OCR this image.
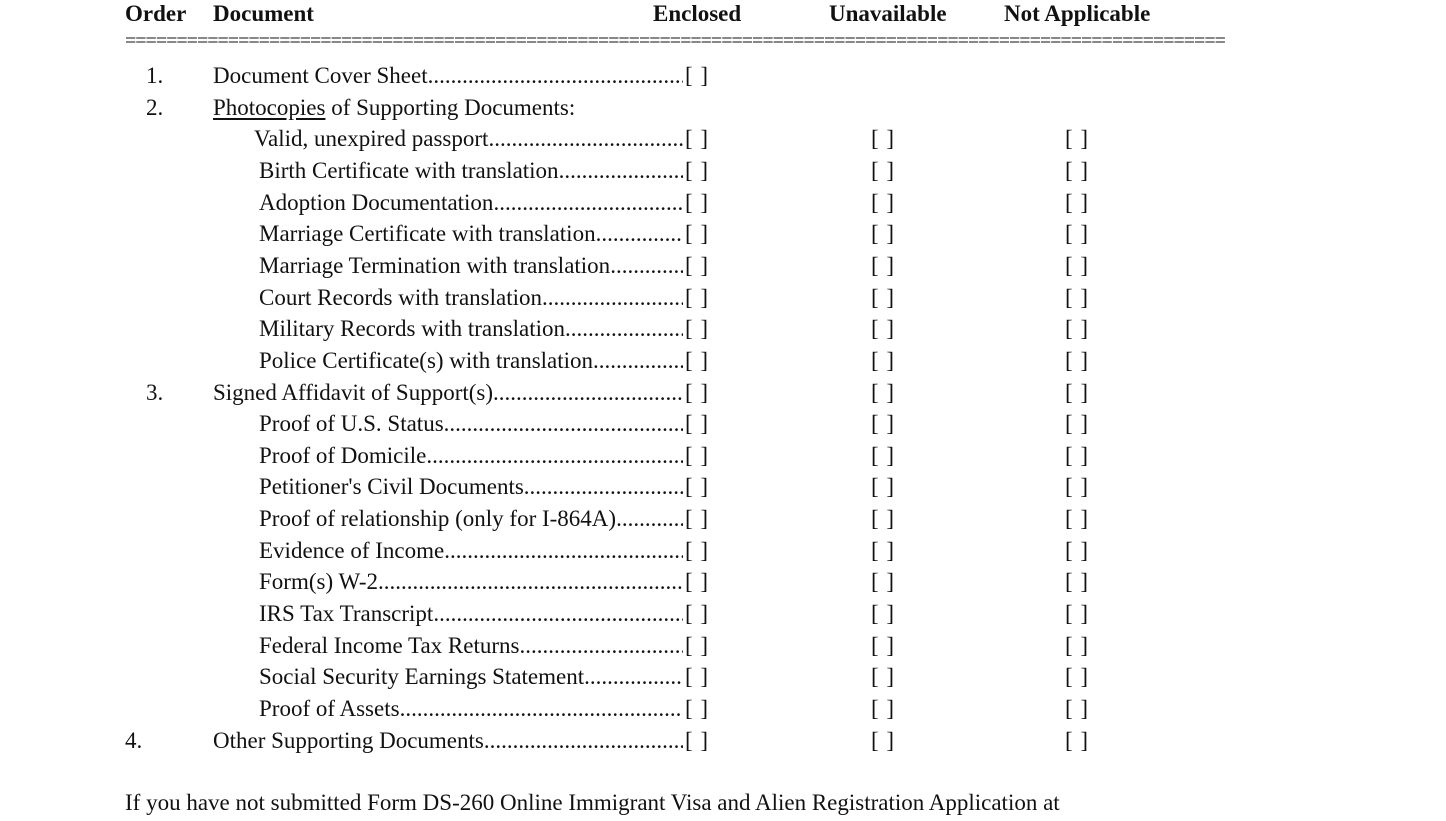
Order Document	Enclosed	Unavailable Not Applicable
===========================================================================================================
1. Document Cover Sheet .....	[ ]
2. Photocopies of Supporting Documents:
Valid, unexpired passport .....	[ ]	[ ]	[ ]
Birth Certificate with translation .....	[ ]	[ ]	[ ]
Adoption Documentation .....	[ ]	[ ]	[ ]
Marriage Certificate with translation .....	[ ]	[ ]	[ ]
Marriage Termination with translation .....	[ ]	[ ]	[ ]
Court Records with translation .....	[ ]	[ ]	[ ]
Military Records with translation .....	[ ]	[ ]	[ ]
Police Certificate(s) with translation .....	[ ]	[ ]	[ ]
3. Signed Affidavit of Support(s) .....	[ ]	[ ]	[ ]
Proof of U.S. Status .....	[ ]	[ ]	[ ]
Proof of Domicile .....	[ ]	[ ]	[ ]
Petitioner's Civil Documents .....	[ ]	[ ]	[ ]
Proof of relationship (only for I-864A) .....	[ ]	[ ]	[ ]
Evidence of Income .....	[ ]	[ ]	[ ]
Form(s) W-2 .....	[ ]	[ ]	[ ]
IRS Tax Transcript .....	[ ]	[ ]	[ ]
Federal Income Tax Returns .....	[ ]	[ ]	[ ]
Social Security Earnings Statement .....	[ ]	[ ]	[ ]
Proof of Assets .....	[ ]	[ ]	[ ]
4.	Other Supporting Documents .....	[ ]	[ ]	[ ]
If you have not submitted Form DS-260 Online Immigrant Visa and Alien Registration Application at
